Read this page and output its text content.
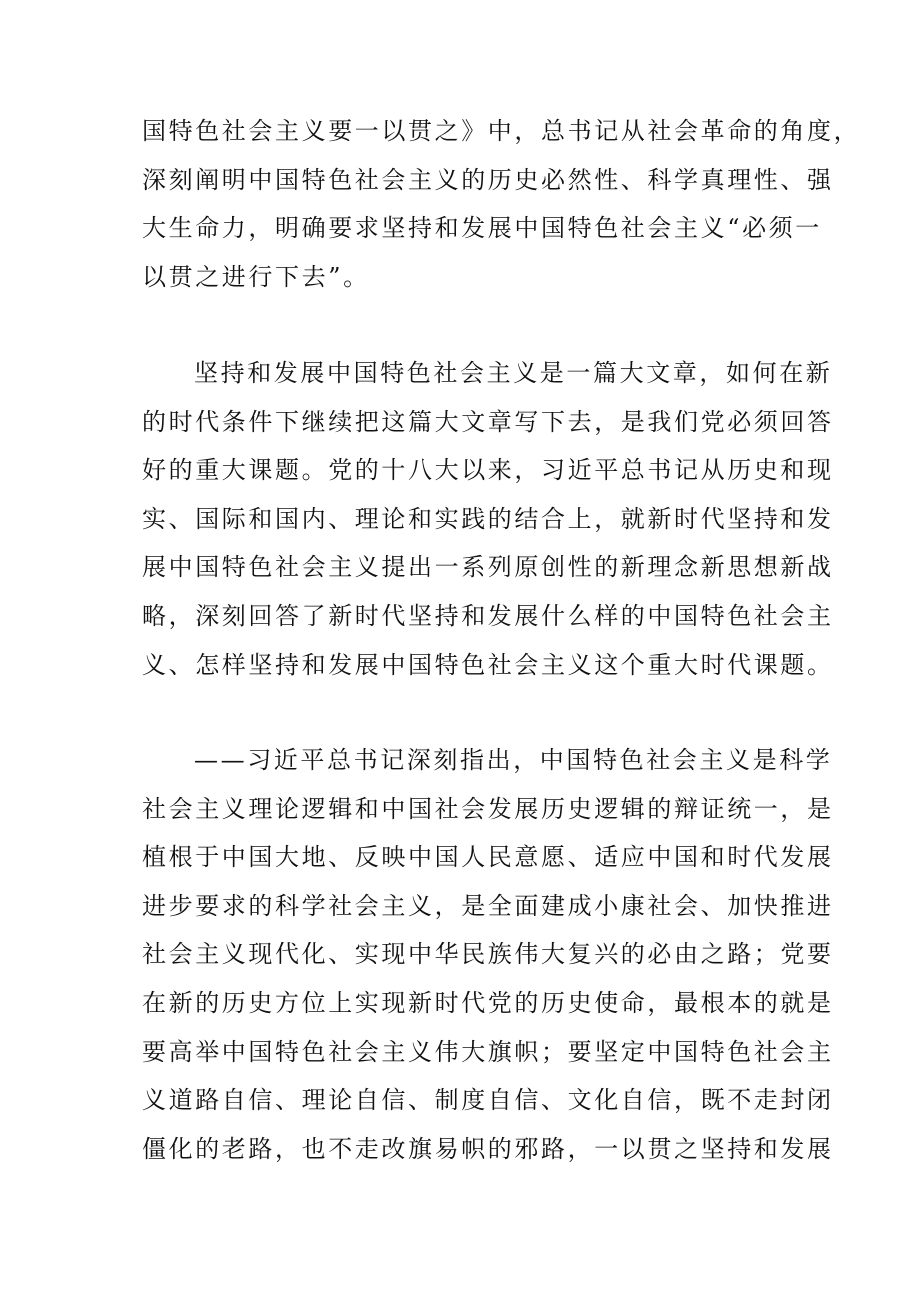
国特色社会主义要一以贯之》中，总书记从社会革命的角度，
深刻阐明中国特色社会主义的历史必然性、科学真理性、强
大生命力，明确要求坚持和发展中国特色社会主义“必须一
以贯之进行下去”。
坚持和发展中国特色社会主义是一篇大文章，如何在新
的时代条件下继续把这篇大文章写下去，是我们党必须回答
好的重大课题。党的十八大以来，习近平总书记从历史和现
实、国际和国内、理论和实践的结合上，就新时代坚持和发
展中国特色社会主义提出一系列原创性的新理念新思想新战
略，深刻回答了新时代坚持和发展什么样的中国特色社会主
义、怎样坚持和发展中国特色社会主义这个重大时代课题。
——习近平总书记深刻指出，中国特色社会主义是科学
社会主义理论逻辑和中国社会发展历史逻辑的辩证统一，是
植根于中国大地、反映中国人民意愿、适应中国和时代发展
进步要求的科学社会主义，是全面建成小康社会、加快推进
社会主义现代化、实现中华民族伟大复兴的必由之路；党要
在新的历史方位上实现新时代党的历史使命，最根本的就是
要高举中国特色社会主义伟大旗帜；要坚定中国特色社会主
义道路自信、理论自信、制度自信、文化自信，既不走封闭
僵化的老路，也不走改旗易帜的邪路，一以贯之坚持和发展
